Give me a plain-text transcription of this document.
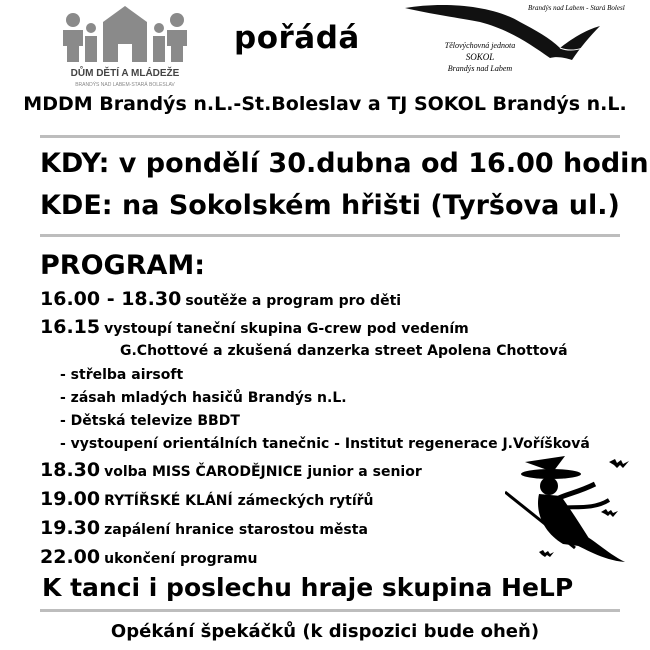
DŮM DĚTÍ A MLÁDEŽE
BRANDÝS NAD LABEM-STARÁ BOLESLAV
pořádá
Brandýs nad Labem - Stará Boleslav
Tělovýchovná jednota
SOKOL
Brandýs nad Labem
MDDM Brandýs n.L.-St.Boleslav a TJ SOKOL Brandýs n.L.
KDY: v pondělí 30.dubna od 16.00 hodin
KDE: na Sokolském hřišti (Tyršova ul.)
PROGRAM:
16.00 - 18.30 soutěže a program pro děti
16.15 vystoupí taneční skupina G-crew pod vedením
G.Chottové a zkušená danzerka street Apolena Chottová
- střelba airsoft
- zásah mladých hasičů Brandýs n.L.
- Dětská televize BBDT
- vystoupení orientálních tanečnic - Institut regenerace J.Voříšková
18.30 volba MISS ČARODĚJNICE junior a senior
19.00 RYTÍŘSKÉ KLÁNÍ zámeckých rytířů
19.30 zapálení hranice starostou města
22.00 ukončení programu
K tanci i poslechu hraje skupina HeLP
Opékání špekáčků (k dispozici bude oheň)
